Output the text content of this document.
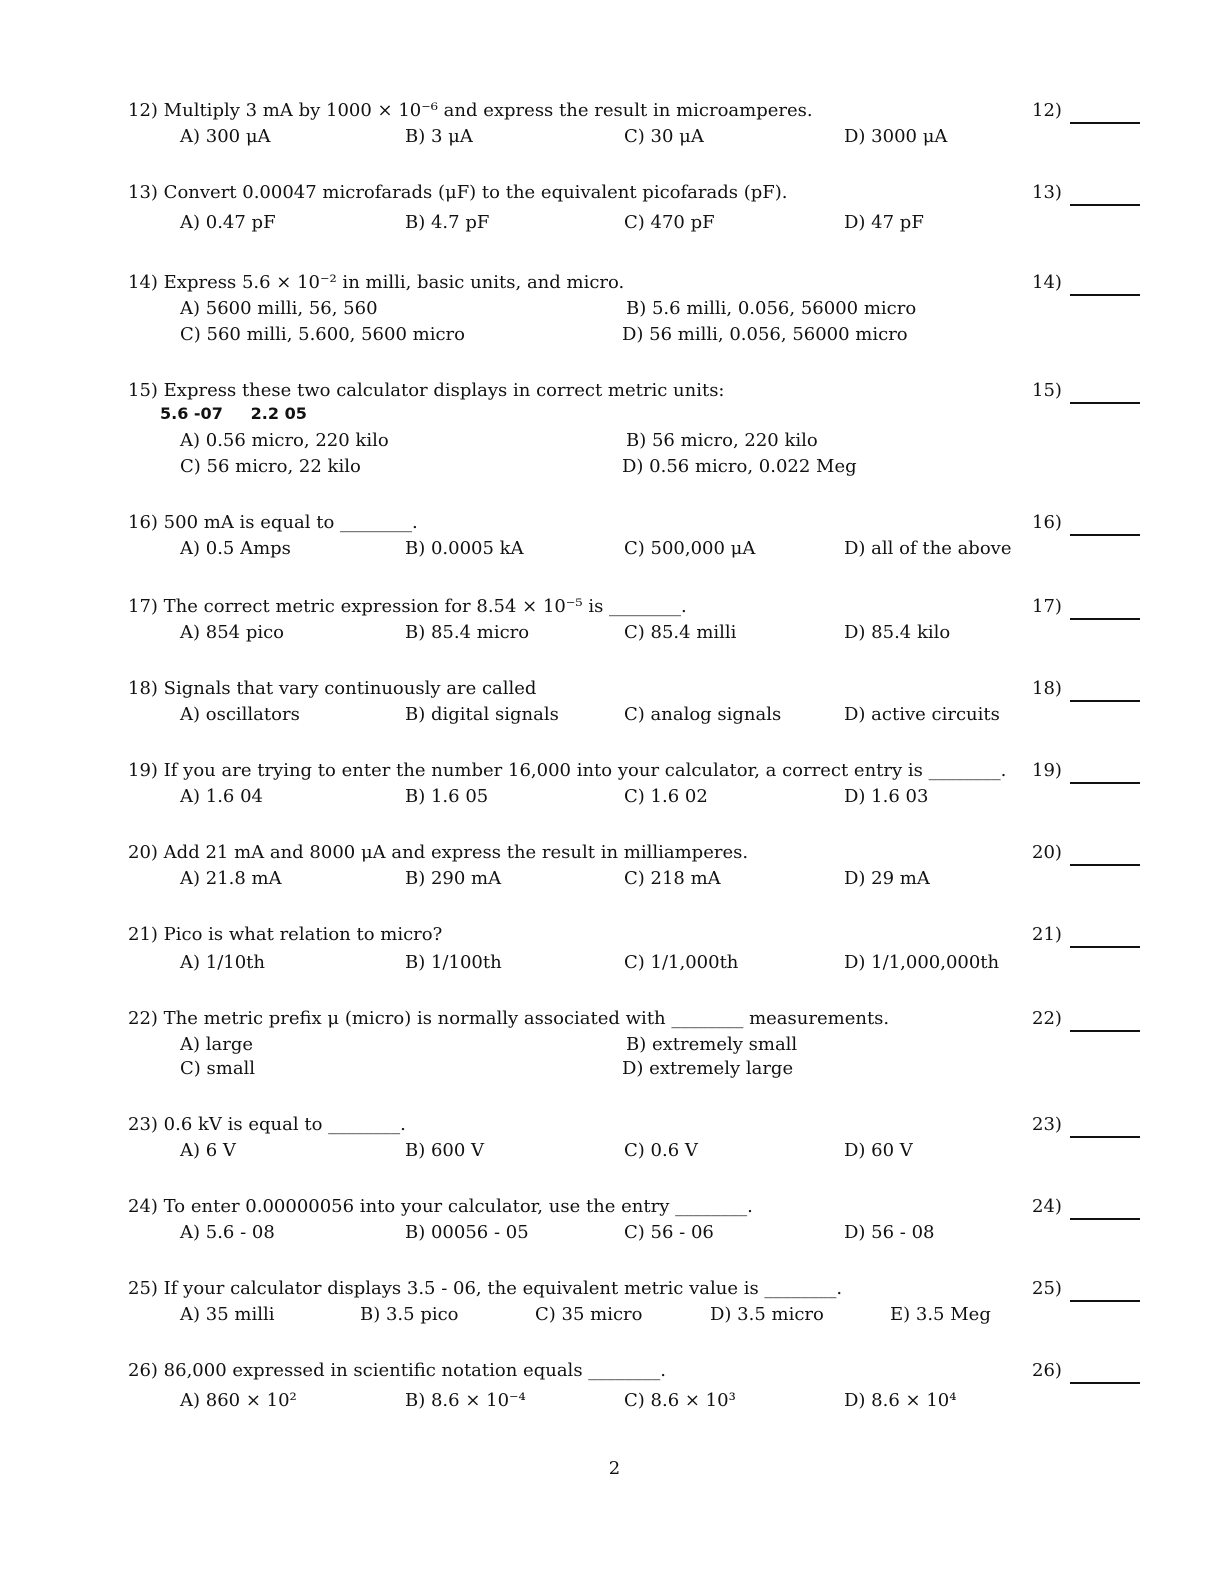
12) Multiply 3 mA by 1000 × 10⁻⁶ and express the result in microamperes.	12)
A) 300 μA	B) 3 μA	C) 30 μA	D) 3000 μA
13) Convert 0.00047 microfarads (μF) to the equivalent picofarads (pF).	13)
A) 0.47 pF	B) 4.7 pF	C) 470 pF	D) 47 pF
14) Express 5.6 × 10⁻² in milli, basic units, and micro.	14)
A) 5600 milli, 56, 560	B) 5.6 milli, 0.056, 56000 micro
C) 560 milli, 5.600, 5600 micro	D) 56 milli, 0.056, 56000 micro
15) Express these two calculator displays in correct metric units:	15)
5.6 -07     2.2 05
A) 0.56 micro, 220 kilo	B) 56 micro, 220 kilo
C) 56 micro, 22 kilo	D) 0.56 micro, 0.022 Meg
16) 500 mA is equal to ________.	16)
A) 0.5 Amps	B) 0.0005 kA	C) 500,000 μA	D) all of the above
17) The correct metric expression for 8.54 × 10⁻⁵ is ________.	17)
A) 854 pico	B) 85.4 micro	C) 85.4 milli	D) 85.4 kilo
18) Signals that vary continuously are called	18)
A) oscillators	B) digital signals	C) analog signals	D) active circuits
19) If you are trying to enter the number 16,000 into your calculator, a correct entry is ________. 19)
A) 1.6 04	B) 1.6 05	C) 1.6 02	D) 1.6 03
20) Add 21 mA and 8000 μA and express the result in milliamperes.	20)
A) 21.8 mA	B) 290 mA	C) 218 mA	D) 29 mA
21) Pico is what relation to micro?	21)
A) 1/10th	B) 1/100th	C) 1/1,000th	D) 1/1,000,000th
22) The metric prefix μ (micro) is normally associated with ________ measurements.	22)
A) large	B) extremely small
C) small	D) extremely large
23) 0.6 kV is equal to ________.	23)
A) 6 V	B) 600 V	C) 0.6 V	D) 60 V
24) To enter 0.00000056 into your calculator, use the entry ________.	24)
A) 5.6 - 08	B) 00056 - 05	C) 56 - 06	D) 56 - 08
25) If your calculator displays 3.5 - 06, the equivalent metric value is ________.	25)
A) 35 milli	B) 3.5 pico	C) 35 micro	D) 3.5 micro	E) 3.5 Meg
26) 86,000 expressed in scientific notation equals ________.	26)
A) 860 × 10²	B) 8.6 × 10⁻⁴	C) 8.6 × 10³	D) 8.6 × 10⁴
2
